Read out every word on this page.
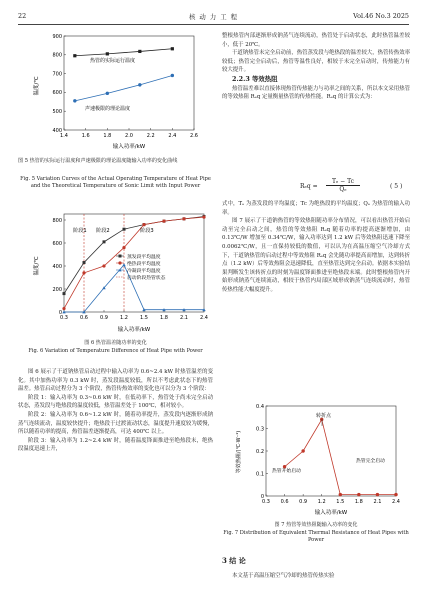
22	核 动 力 工 程	Vol.46 No.3 2025
400
500
600
700
800
900
1.4	1.6	1.8	2.0	2.2	2.4	2.6
温度/℃
输入功率/kW
热管的实际运行温度
声速极限的理论温度
图 5 热管的实际运行温度和声速极限的理论温度随输入功率的变化曲线
Fig. 5 Variation Curves of the Actual Operating Temperature of Heat Pipe and the Theoretical Temperature of Sonic Limit with Input Power
0
200
400
600
800
0.3 0.6 0.9 1.2 1.5 1.8 2.1 2.4
温度/℃
输入功率/kW
阶段1 阶段2	阶段3
蒸发段平均温度
绝热段平均温度
冷凝段平均温度
启动阶段热管状态
图 6 热管温差随功率的变化
Fig. 6 Variation of Temperature Difference of Heat Pipe with Power

图 6 展示了干道钠热管启动过程中输入功率为 0.6~2.4 kW 时热管温差的变化。其中加热功率为 0.3 kW 时，蒸发段温度较低，所以不考虑此状态下的热管温差。热管启动过程分为 3 个阶段，热管传热效率的变化也可以分为 3 个阶段：

阶段 1：输入功率为 0.3~0.6 kW 时，在低功率下，热管处于尚未完全启动状态，蒸发段与绝热段的温度较低，热管温差处于 100℃，相对较小。

阶段 2：输入功率为 0.6~1.2 kW 时，随着功率提升，蒸发段内逐渐形成钠蒸气连续流动，温度较快提升；绝热段于过渡流动状态，温度提升速度较为缓慢，所以随着功率的提高，热管温差逐渐提高，可达 400℃ 以上。

阶段 3：输入功率为 1.2~2.4 kW 时，随着温度锋面推进至绝热段末，绝热段温度迅速上升，

整根热管内部逐渐形成钠蒸气连续流动，热管处于启动状态，此时热管温差较小，低于 20℃。

干道钠热管未完全启动前，热管蒸发段与绝热段的温差较大，热管传热效率较低；热管完全启动后，热管等温性良好，相较于未完全启动时，传热能力有较大提升。

2.2.3 等效热阻

热管温差难以直接体现热管传热能力与功率之间的关系，所以本文采用热管的等效热阻 Rₑq 定量衡量热管的传热性能。Rₑq 的计算公式为：

$R_eq = \frac{\text{Tₑ − Tc}}{\text{Qₑ}}$	( 5 )

式中，Tₑ 为蒸发段的平均温度；Tc 为绝热段的平均温度；Qₑ 为热管的输入功率。

图 7 展示了干道钠热管的等效热阻随功率分布情况，可以看出热管开始启动至完全启动之间，热管的等效热阻 Rₑq 随着功率的提高逐渐增加，由 0.13℃/W 增加至 0.34℃/W，输入功率达到 1.2 kW 后等效热阻迅速下降至 0.0062℃/W，且一直保持较低的数值，可以认为在高温压缩空气冷却方式下，干道钠热管的启动过程中等效热阻 Rₑq 会先随功率提高而增加，达到转折点（1.2 kW）后等效热阻会迅速降低，直至热管达到完全启动。依据本实验结果判断发生该转折点的时刻为温度锋面推进至绝热段末端。此时整根热管内开始形成钠蒸气连续流动，相较于热管内局部区域形成钠蒸气连续流动时，热管传热性能大幅度提升。

0
0.1
0.2
0.3
0.4
0.3 0.6 0.9 1.2 1.5 1.8 2.1 2.4
等效热阻/(℃·W⁻¹)
输入功率/kW
转折点
热管开始启动
热管完全启动
图 7 热管等效热阻随输入功率的变化
Fig. 7 Distribution of Equivalent Thermal Resistance of Heat Pipes with Power
3 结 论

本文基于高温压缩空气冷却的热管传热实验
